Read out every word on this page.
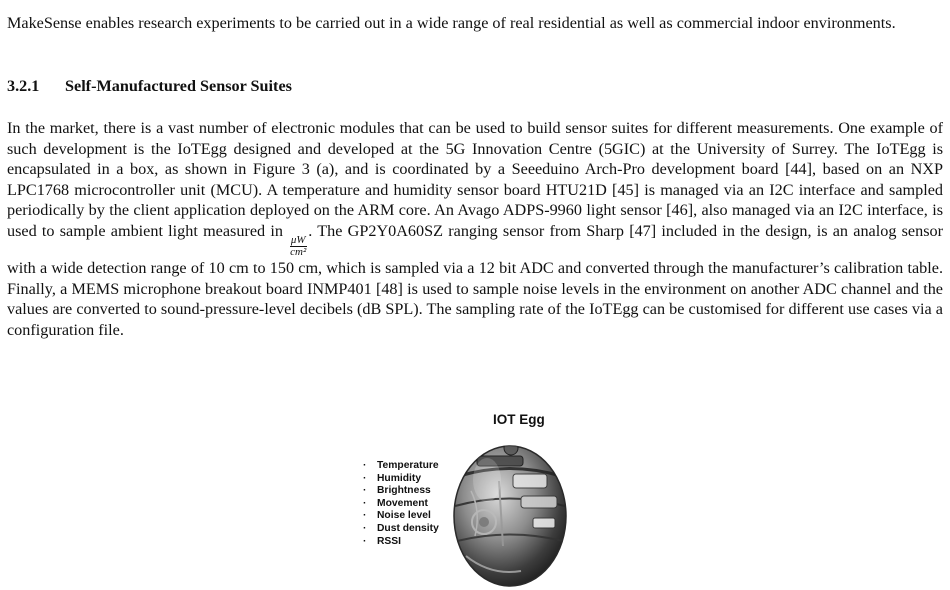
MakeSense enables research experiments to be carried out in a wide range of real residential as well as commercial indoor environments.

3.2.1 Self-Manufactured Sensor Suites

In the market, there is a vast number of electronic modules that can be used to build sensor suites for different measurements. One example of such development is the IoTEgg designed and developed at the 5G Innovation Centre (5GIC) at the University of Surrey. The IoTEgg is encapsulated in a box, as shown in Figure 3 (a), and is coordinated by a Seeeduino Arch-Pro development board [44], based on an NXP LPC1768 microcontroller unit (MCU). A temperature and humidity sensor board HTU21D [45] is managed via an I2C interface and sampled periodically by the client application deployed on the ARM core. An Avago ADPS-9960 light sensor [46], also managed via an I2C interface, is used to sample ambient light measured in
$\frac{\mu W}{\text{cm²}}$
. The GP2Y0A60SZ ranging sensor from Sharp [47] included in the design, is an analog sensor with a wide detection range of 10 cm to 150 cm, which is sampled via a 12 bit ADC and converted through the manufacturer’s calibration table. Finally, a MEMS microphone breakout board INMP401 [48] is used to sample noise levels in the environment on another ADC channel and the values are converted to sound-pressure-level decibels (dB SPL). The sampling rate of the IoTEgg can be customised for different use cases via a configuration file.

IOT Egg
· Temperature
· Humidity
· Brightness
· Movement
· Noise level
· Dust density
· RSSI
